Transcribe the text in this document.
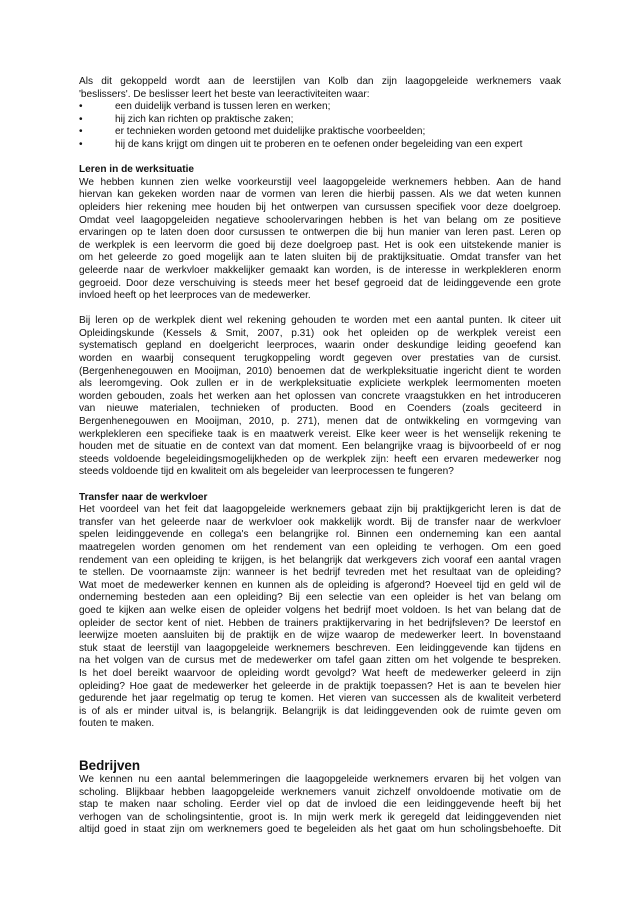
Als dit gekoppeld wordt aan de leerstijlen van Kolb dan zijn laagopgeleide werknemers vaak
'beslissers'. De beslisser leert het beste van leeractiviteiten waar:
•	een duidelijk verband is tussen leren en werken;
•	hij zich kan richten op praktische zaken;
•	er technieken worden getoond met duidelijke praktische voorbeelden;
•	hij de kans krijgt om dingen uit te proberen en te oefenen onder begeleiding van een expert
Leren in de werksituatie
We hebben kunnen zien welke voorkeurstijl veel laagopgeleide werknemers hebben. Aan de hand
hiervan kan gekeken worden naar de vormen van leren die hierbij passen. Als we dat weten kunnen
opleiders hier rekening mee houden bij het ontwerpen van cursussen specifiek voor deze doelgroep.
Omdat veel laagopgeleiden negatieve schoolervaringen hebben is het van belang om ze positieve
ervaringen op te laten doen door cursussen te ontwerpen die bij hun manier van leren past. Leren op
de werkplek is een leervorm die goed bij deze doelgroep past. Het is ook een uitstekende manier is
om het geleerde zo goed mogelijk aan te laten sluiten bij de praktijksituatie. Omdat transfer van het
geleerde naar de werkvloer makkelijker gemaakt kan worden, is de interesse in werkplekleren enorm
gegroeid. Door deze verschuiving is steeds meer het besef gegroeid dat de leidinggevende een grote
invloed heeft op het leerproces van de medewerker.
Bij leren op de werkplek dient wel rekening gehouden te worden met een aantal punten. Ik citeer uit
Opleidingskunde (Kessels & Smit, 2007, p.31) ook het opleiden op de werkplek vereist een
systematisch gepland en doelgericht leerproces, waarin onder deskundige leiding geoefend kan
worden en waarbij consequent terugkoppeling wordt gegeven over prestaties van de cursist.
(Bergenhenegouwen en Mooijman, 2010) benoemen dat de werkpleksituatie ingericht dient te worden
als leeromgeving. Ook zullen er in de werkpleksituatie expliciete werkplek leermomenten moeten
worden gebouden, zoals het werken aan het oplossen van concrete vraagstukken en het introduceren
van nieuwe materialen, technieken of producten. Bood en Coenders (zoals geciteerd in
Bergenhenegouwen en Mooijman, 2010, p. 271), menen dat de ontwikkeling en vormgeving van
werkplekleren een specifieke taak is en maatwerk vereist. Elke keer weer is het wenselijk rekening te
houden met de situatie en de context van dat moment. Een belangrijke vraag is bijvoorbeeld of er nog
steeds voldoende begeleidingsmogelijkheden op de werkplek zijn: heeft een ervaren medewerker nog
steeds voldoende tijd en kwaliteit om als begeleider van leerprocessen te fungeren?
Transfer naar de werkvloer
Het voordeel van het feit dat laagopgeleide werknemers gebaat zijn bij praktijkgericht leren is dat de
transfer van het geleerde naar de werkvloer ook makkelijk wordt. Bij de transfer naar de werkvloer
spelen leidinggevende en collega's een belangrijke rol. Binnen een onderneming kan een aantal
maatregelen worden genomen om het rendement van een opleiding te verhogen. Om een goed
rendement van een opleiding te krijgen, is het belangrijk dat werkgevers zich vooraf een aantal vragen
te stellen. De voornaamste zijn: wanneer is het bedrijf tevreden met het resultaat van de opleiding?
Wat moet de medewerker kennen en kunnen als de opleiding is afgerond? Hoeveel tijd en geld wil de
onderneming besteden aan een opleiding? Bij een selectie van een opleider is het van belang om
goed te kijken aan welke eisen de opleider volgens het bedrijf moet voldoen. Is het van belang dat de
opleider de sector kent of niet. Hebben de trainers praktijkervaring in het bedrijfsleven? De leerstof en
leerwijze moeten aansluiten bij de praktijk en de wijze waarop de medewerker leert. In bovenstaand
stuk staat de leerstijl van laagopgeleide werknemers beschreven. Een leidinggevende kan tijdens en
na het volgen van de cursus met de medewerker om tafel gaan zitten om het volgende te bespreken.
Is het doel bereikt waarvoor de opleiding wordt gevolgd? Wat heeft de medewerker geleerd in zijn
opleiding? Hoe gaat de medewerker het geleerde in de praktijk toepassen? Het is aan te bevelen hier
gedurende het jaar regelmatig op terug te komen. Het vieren van successen als de kwaliteit verbeterd
is of als er minder uitval is, is belangrijk. Belangrijk is dat leidinggevenden ook de ruimte geven om
fouten te maken.
Bedrijven
We kennen nu een aantal belemmeringen die laagopgeleide werknemers ervaren bij het volgen van
scholing. Blijkbaar hebben laagopgeleide werknemers vanuit zichzelf onvoldoende motivatie om de
stap te maken naar scholing. Eerder viel op dat de invloed die een leidinggevende heeft bij het
verhogen van de scholingsintentie, groot is. In mijn werk merk ik geregeld dat leidinggevenden niet
altijd goed in staat zijn om werknemers goed te begeleiden als het gaat om hun scholingsbehoefte. Dit
